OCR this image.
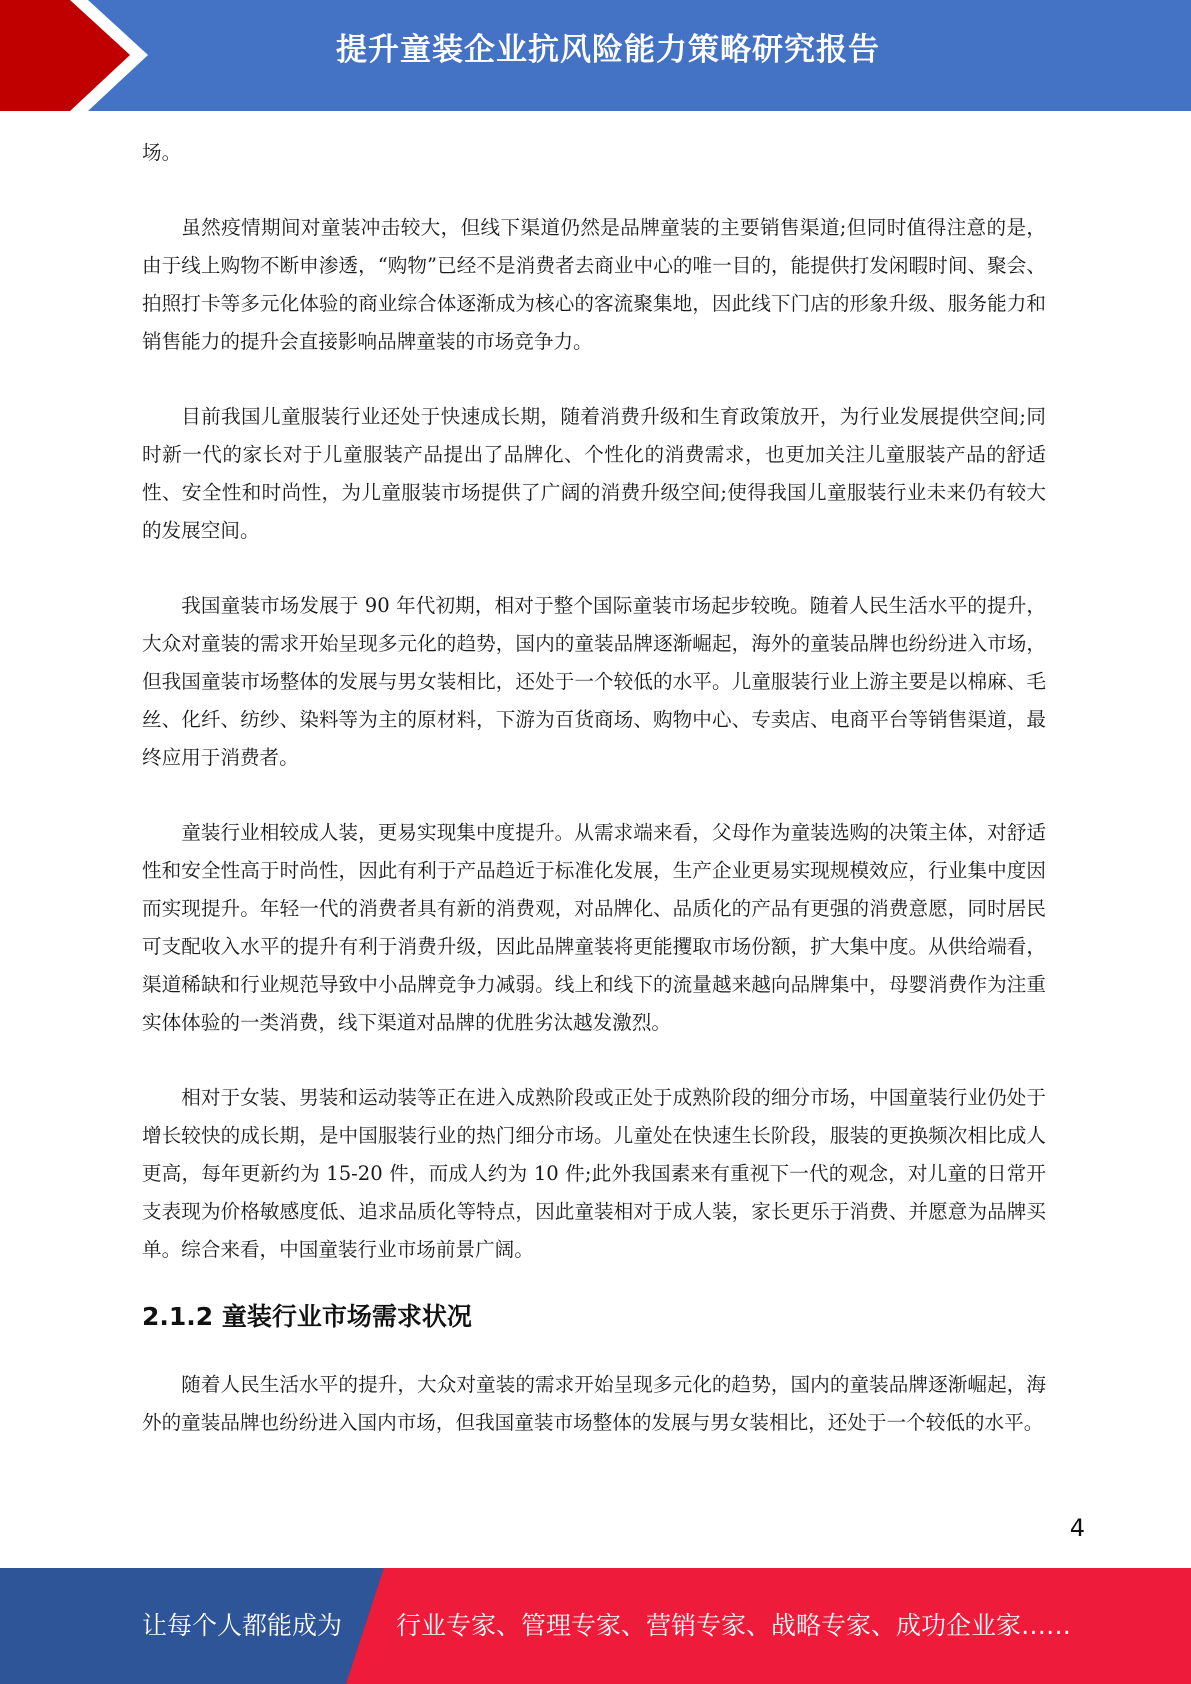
提升童装企业抗风险能力策略研究报告

场。

虽然疫情期间对童装冲击较大，但线下渠道仍然是品牌童装的主要销售渠道;但同时值得注意的是，由于线上购物不断申渗透，“购物”已经不是消费者去商业中心的唯一目的，能提供打发闲暇时间、聚会、拍照打卡等多元化体验的商业综合体逐渐成为核心的客流聚集地，因此线下门店的形象升级、服务能力和销售能力的提升会直接影响品牌童装的市场竞争力。

目前我国儿童服装行业还处于快速成长期，随着消费升级和生育政策放开，为行业发展提供空间;同时新一代的家长对于儿童服装产品提出了品牌化、个性化的消费需求，也更加关注儿童服装产品的舒适性、安全性和时尚性，为儿童服装市场提供了广阔的消费升级空间;使得我国儿童服装行业未来仍有较大的发展空间。

我国童装市场发展于 90 年代初期，相对于整个国际童装市场起步较晚。随着人民生活水平的提升，大众对童装的需求开始呈现多元化的趋势，国内的童装品牌逐渐崛起，海外的童装品牌也纷纷进入市场，但我国童装市场整体的发展与男女装相比，还处于一个较低的水平。儿童服装行业上游主要是以棉麻、毛丝、化纤、纺纱、染料等为主的原材料，下游为百货商场、购物中心、专卖店、电商平台等销售渠道，最终应用于消费者。

童装行业相较成人装，更易实现集中度提升。从需求端来看，父母作为童装选购的决策主体，对舒适性和安全性高于时尚性，因此有利于产品趋近于标准化发展，生产企业更易实现规模效应，行业集中度因而实现提升。年轻一代的消费者具有新的消费观，对品牌化、品质化的产品有更强的消费意愿，同时居民可支配收入水平的提升有利于消费升级，因此品牌童装将更能攫取市场份额，扩大集中度。从供给端看，渠道稀缺和行业规范导致中小品牌竞争力减弱。线上和线下的流量越来越向品牌集中，母婴消费作为注重实体体验的一类消费，线下渠道对品牌的优胜劣汰越发激烈。

相对于女装、男装和运动装等正在进入成熟阶段或正处于成熟阶段的细分市场，中国童装行业仍处于增长较快的成长期，是中国服装行业的热门细分市场。儿童处在快速生长阶段，服装的更换频次相比成人更高，每年更新约为 15-20 件，而成人约为 10 件;此外我国素来有重视下一代的观念，对儿童的日常开支表现为价格敏感度低、追求品质化等特点，因此童装相对于成人装，家长更乐于消费、并愿意为品牌买单。综合来看，中国童装行业市场前景广阔。

2.1.2 童装行业市场需求状况

随着人民生活水平的提升，大众对童装的需求开始呈现多元化的趋势，国内的童装品牌逐渐崛起，海外的童装品牌也纷纷进入国内市场，但我国童装市场整体的发展与男女装相比，还处于一个较低的水平。

4
让每个人都能成为 行业专家、管理专家、营销专家、战略专家、成功企业家……
